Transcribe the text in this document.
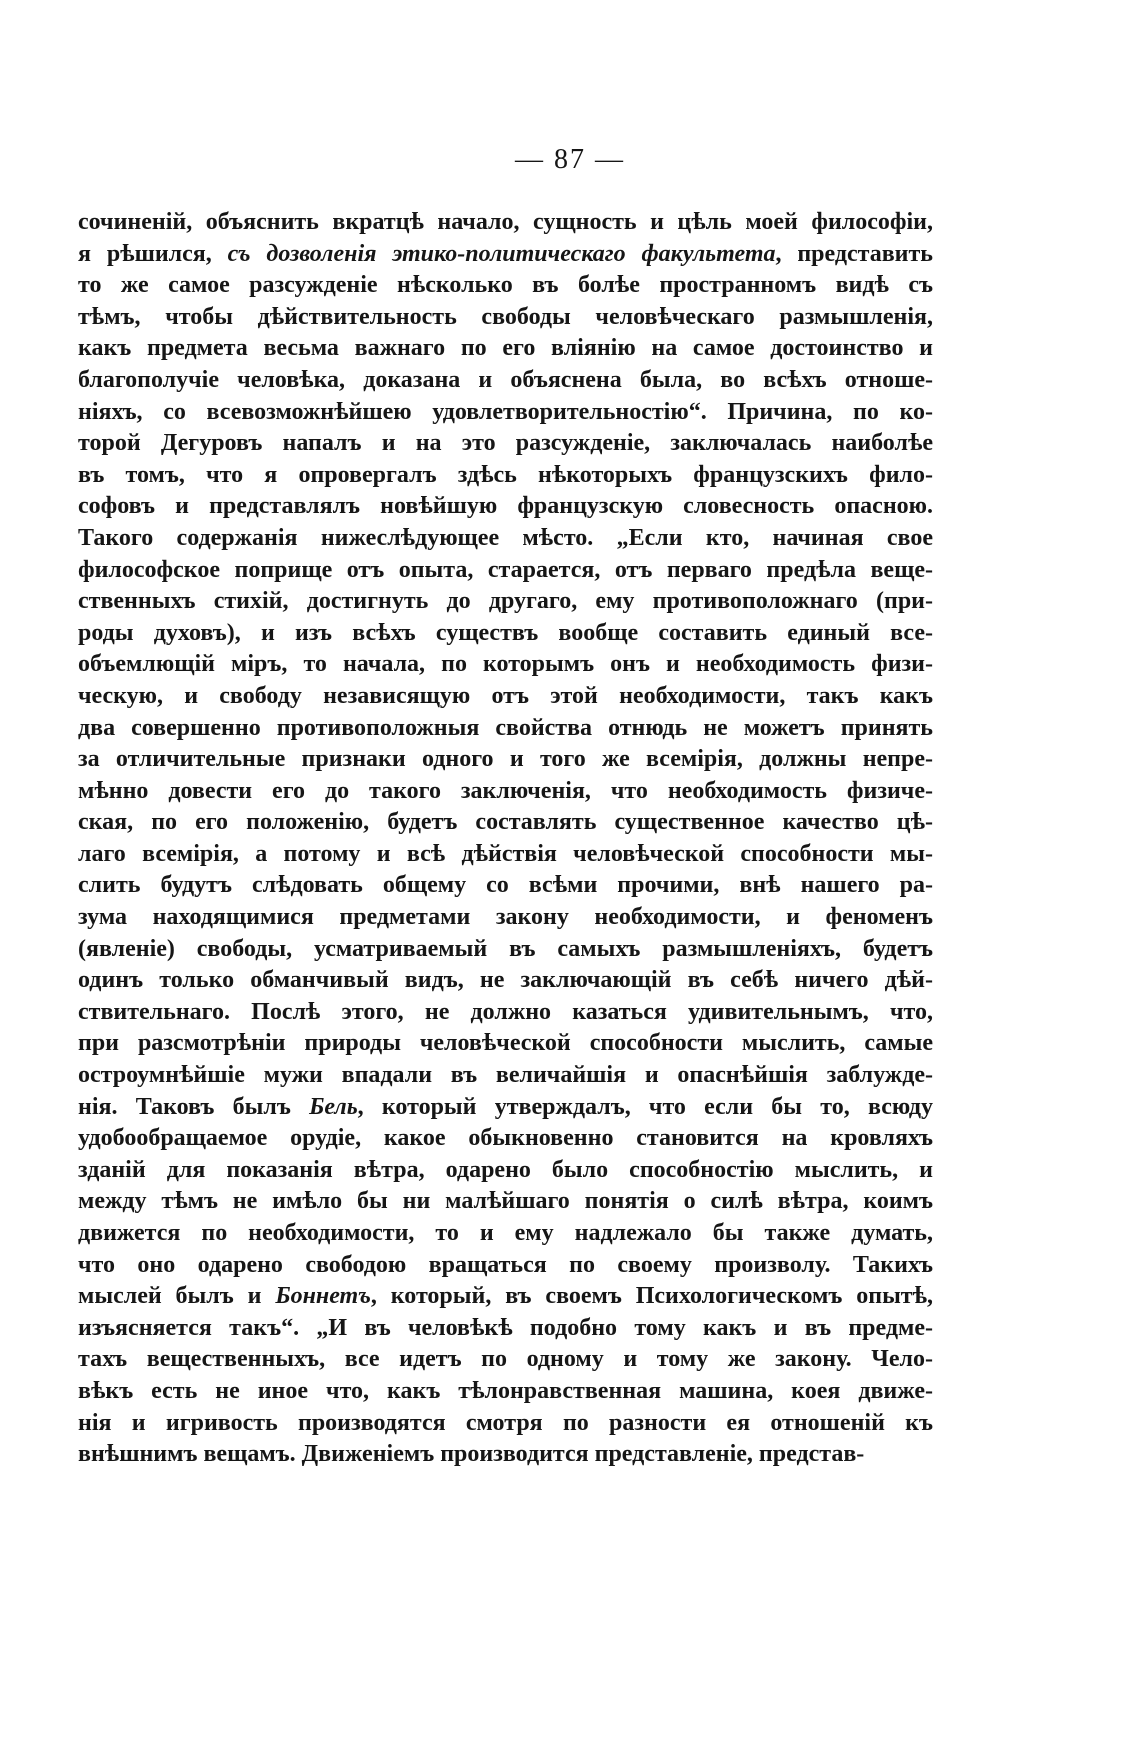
— 87 —
сочиненій, объяснить вкратцѣ начало, сущность и цѣль моей философіи,
я рѣшился, съ дозволенія этико-политическаго факультета, представить
то же самое разсужденіе нѣсколько въ болѣе пространномъ видѣ съ
тѣмъ, чтобы дѣйствительность свободы человѣческаго размышленія,
какъ предмета весьма важнаго по его вліянію на самое достоинство и
благополучіе человѣка, доказана и объяснена была, во всѣхъ отноше-
ніяхъ, со всевозможнѣйшею удовлетворительностію“. Причина, по ко-
торой Дегуровъ напалъ и на это разсужденіе, заключалась наиболѣе
въ томъ, что я опровергалъ здѣсь нѣкоторыхъ французскихъ фило-
софовъ и представлялъ новѣйшую французскую словесность опасною.
Такого содержанія нижеслѣдующее мѣсто. „Если кто, начиная свое
философское поприще отъ опыта, старается, отъ перваго предѣла веще-
ственныхъ стихій, достигнуть до другаго, ему противоположнаго (при-
роды духовъ), и изъ всѣхъ существъ вообще составить единый все-
объемлющій міръ, то начала, по которымъ онъ и необходимость физи-
ческую, и свободу независящую отъ этой необходимости, такъ какъ
два совершенно противоположныя свойства отнюдь не можетъ принять
за отличительные признаки одного и того же всемірія, должны непре-
мѣнно довести его до такого заключенія, что необходимость физиче-
ская, по его положенію, будетъ составлять существенное качество цѣ-
лаго всемірія, а потому и всѣ дѣйствія человѣческой способности мы-
слить будутъ слѣдовать общему со всѣми прочими, внѣ нашего ра-
зума находящимися предметами закону необходимости, и феноменъ
(явленіе) свободы, усматриваемый въ самыхъ размышленіяхъ, будетъ
одинъ только обманчивый видъ, не заключающій въ себѣ ничего дѣй-
ствительнаго. Послѣ этого, не должно казаться удивительнымъ, что,
при разсмотрѣніи природы человѣческой способности мыслить, самые
остроумнѣйшіе мужи впадали въ величайшія и опаснѣйшія заблужде-
нія. Таковъ былъ Бель, который утверждалъ, что если бы то, всюду
удобообращаемое орудіе, какое обыкновенно становится на кровляхъ
зданій для показанія вѣтра, одарено было способностію мыслить, и
между тѣмъ не имѣло бы ни малѣйшаго понятія о силѣ вѣтра, коимъ
движется по необходимости, то и ему надлежало бы также думать,
что оно одарено свободою вращаться по своему произволу. Такихъ
мыслей былъ и Боннетъ, который, въ своемъ Психологическомъ опытѣ,
изъясняется такъ“. „И въ человѣкѣ подобно тому какъ и въ предме-
тахъ вещественныхъ, все идетъ по одному и тому же закону. Чело-
вѣкъ есть не иное что, какъ тѣлонравственная машина, коея движе-
нія и игривость производятся смотря по разности ея отношеній къ
внѣшнимъ вещамъ. Движеніемъ производится представленіе, представ-
